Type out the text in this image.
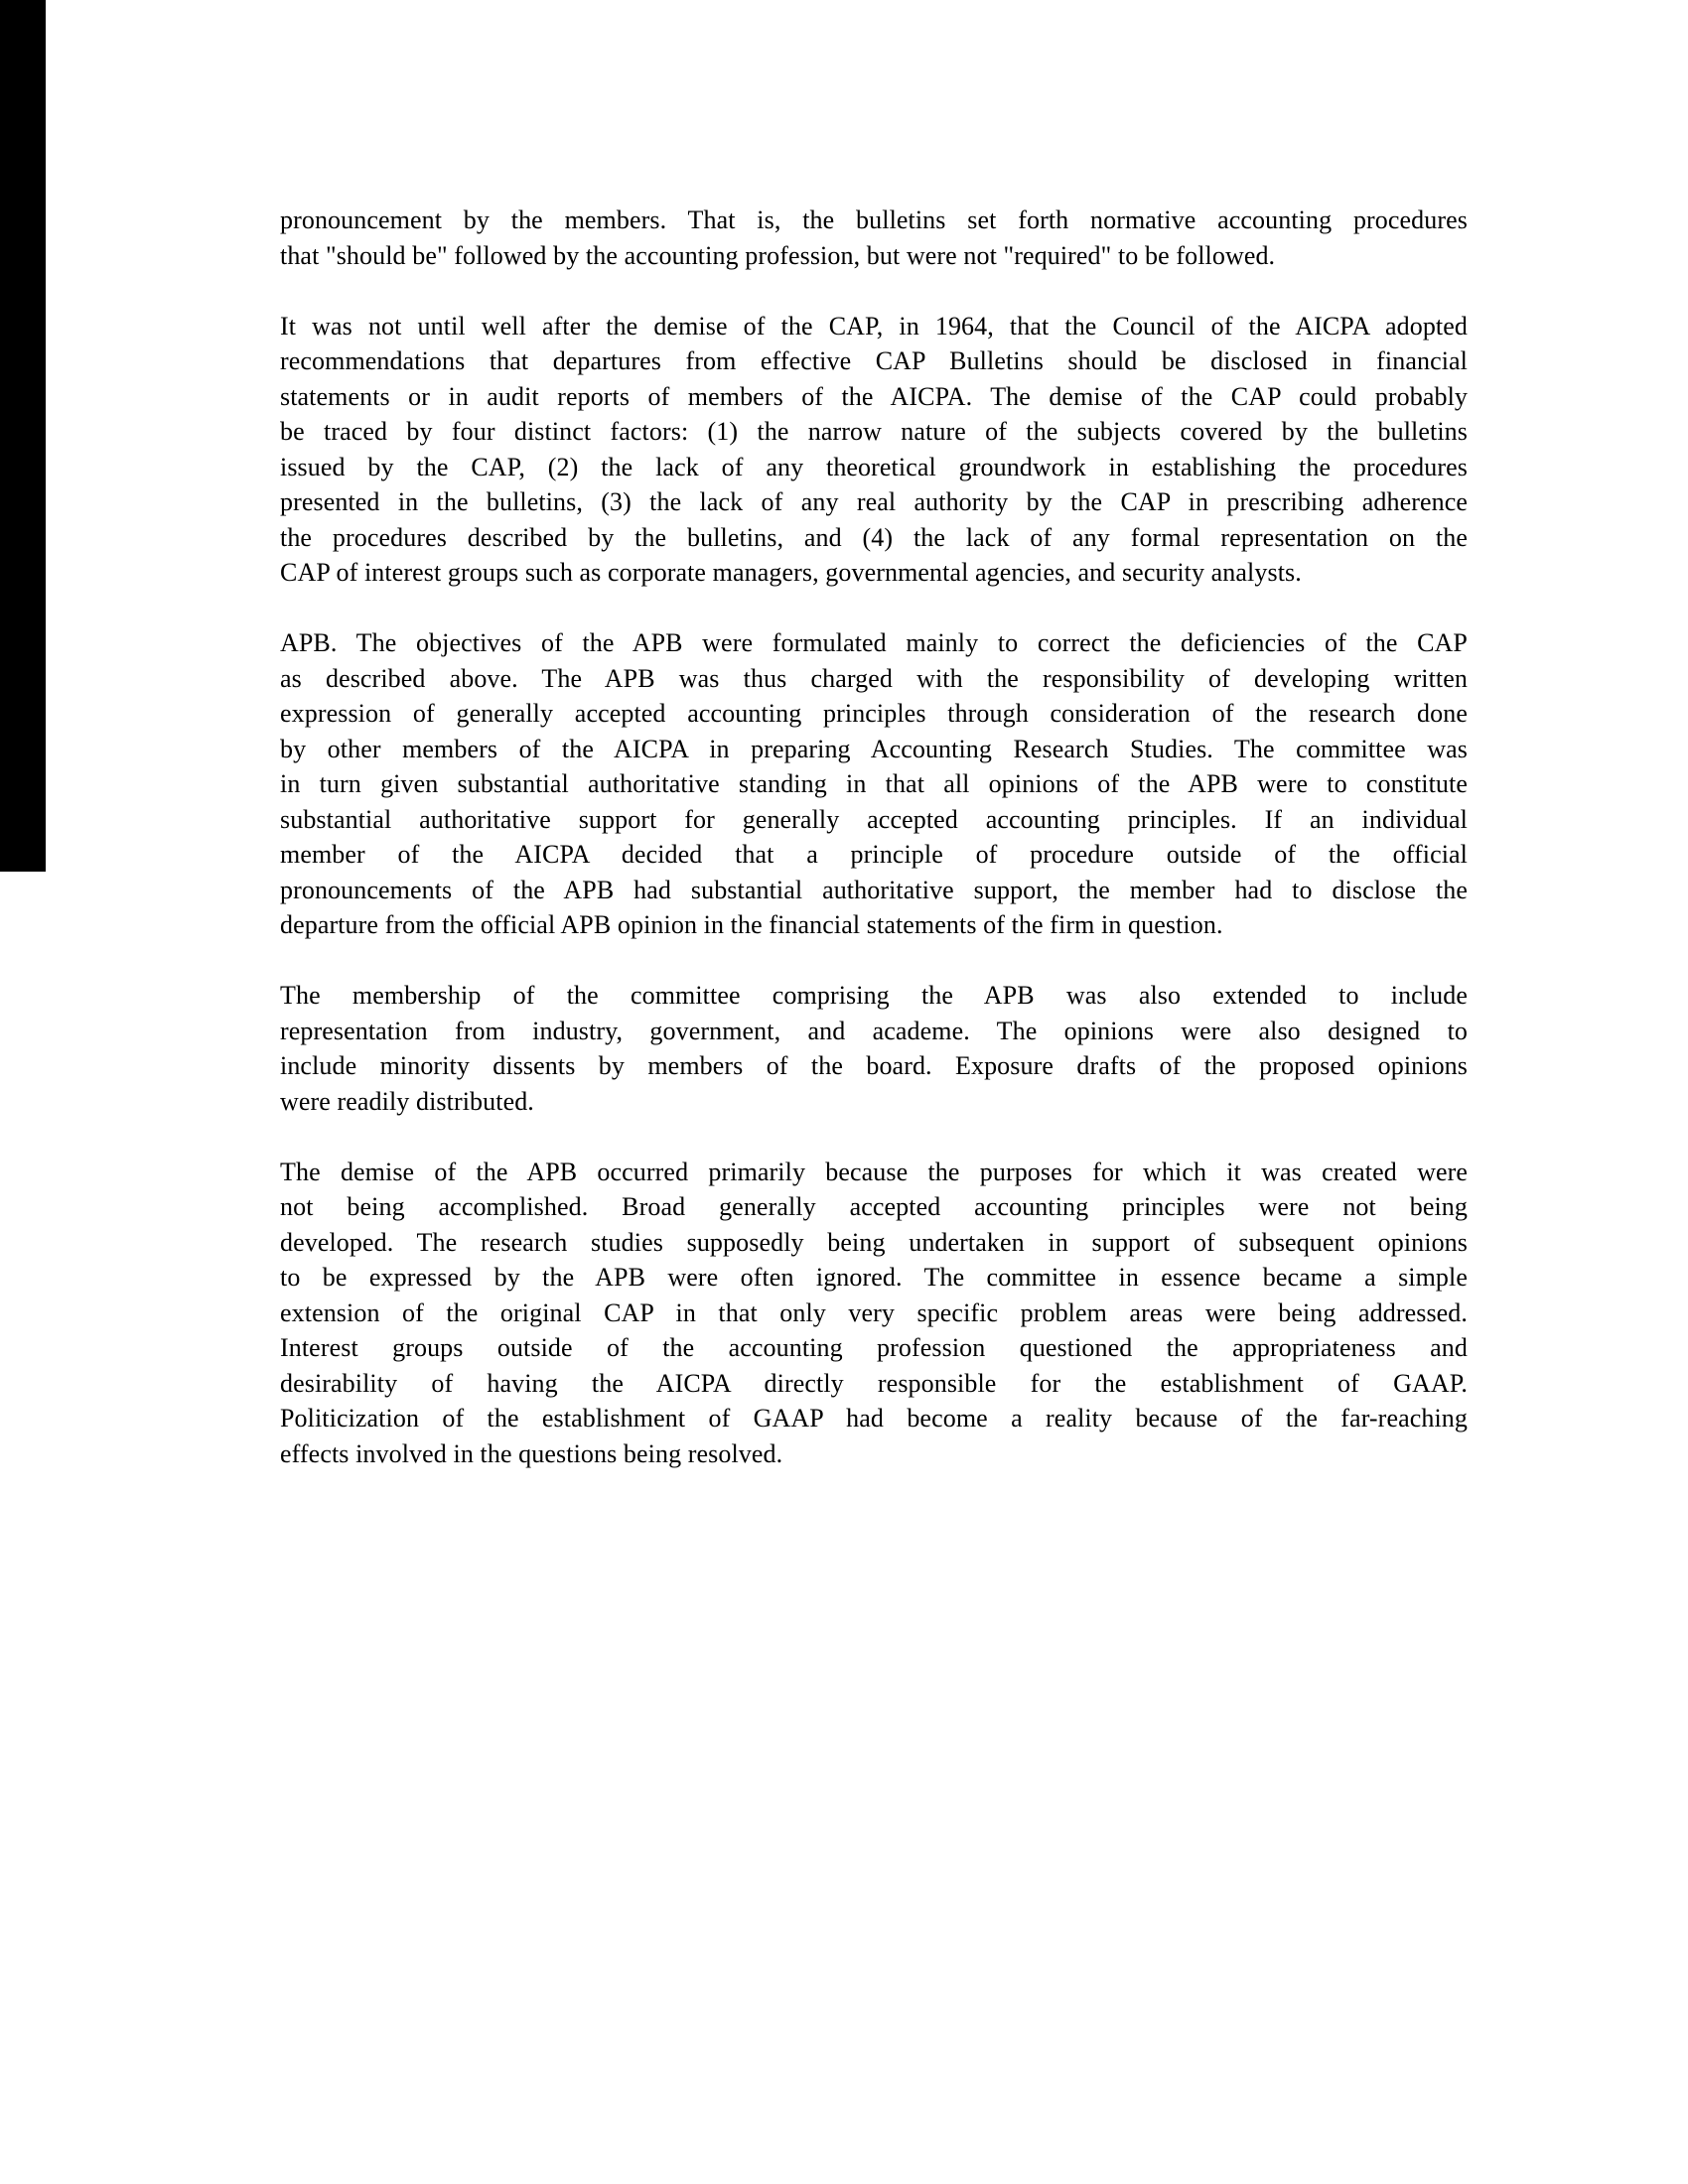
pronouncement by the members. That is, the bulletins set forth normative accounting procedures
that "should be" followed by the accounting profession, but were not "required" to be followed.
It was not until well after the demise of the CAP, in 1964, that the Council of the AICPA adopted
recommendations that departures from effective CAP Bulletins should be disclosed in financial
statements or in audit reports of members of the AICPA. The demise of the CAP could probably
be traced by four distinct factors: (1) the narrow nature of the subjects covered by the bulletins
issued by the CAP, (2) the lack of any theoretical groundwork in establishing the procedures
presented in the bulletins, (3) the lack of any real authority by the CAP in prescribing adherence
the procedures described by the bulletins, and (4) the lack of any formal representation on the
CAP of interest groups such as corporate managers, governmental agencies, and security analysts.
APB. The objectives of the APB were formulated mainly to correct the deficiencies of the CAP
as described above. The APB was thus charged with the responsibility of developing written
expression of generally accepted accounting principles through consideration of the research done
by other members of the AICPA in preparing Accounting Research Studies. The committee was
in turn given substantial authoritative standing in that all opinions of the APB were to constitute
substantial authoritative support for generally accepted accounting principles. If an individual
member of the AICPA decided that a principle of procedure outside of the official
pronouncements of the APB had substantial authoritative support, the member had to disclose the
departure from the official APB opinion in the financial statements of the firm in question.
The membership of the committee comprising the APB was also extended to include
representation from industry, government, and academe. The opinions were also designed to
include minority dissents by members of the board. Exposure drafts of the proposed opinions
were readily distributed.
The demise of the APB occurred primarily because the purposes for which it was created were
not being accomplished. Broad generally accepted accounting principles were not being
developed. The research studies supposedly being undertaken in support of subsequent opinions
to be expressed by the APB were often ignored. The committee in essence became a simple
extension of the original CAP in that only very specific problem areas were being addressed.
Interest groups outside of the accounting profession questioned the appropriateness and
desirability of having the AICPA directly responsible for the establishment of GAAP.
Politicization of the establishment of GAAP had become a reality because of the far-reaching
effects involved in the questions being resolved.
